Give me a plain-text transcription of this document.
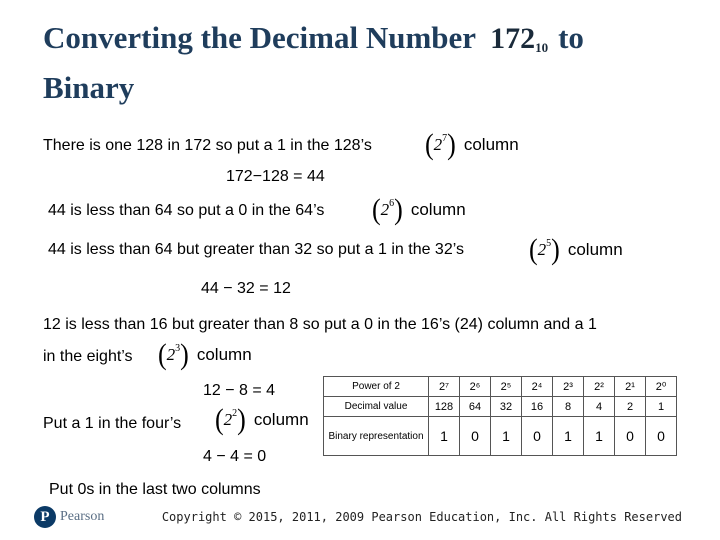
Converting the Decimal Number $172_{10}$ to
Binary
There is one 128 in 172 so put a 1 in the 128’s ( 2 7 ) column
172−128 = 44
44 is less than 64 so put a 0 in the 64’s ( 2 6 ) column
44 is less than 64 but greater than 32 so put a 1 in the 32’s	( 2 5 ) column
44 − 32 = 12
12 is less than 16 but greater than 8 so put a 0 in the 16’s (24) column and a 1
in the eight’s ( 2 3 ) column
12 − 8 = 4
Put a 1 in the four’s ( 2 2 ) column
4 − 4 = 0
Put 0s in the last two columns
Power of 2	2⁷	2⁶	2⁵	2⁴	2³	2²	2¹	2⁰
Decimal value	128	64	32	16	8	4	2	1
Binary representation	1	0	1	0	1	1	0	0
P Pearson	Copyright © 2015, 2011, 2009 Pearson Education, Inc. All Rights Reserved
